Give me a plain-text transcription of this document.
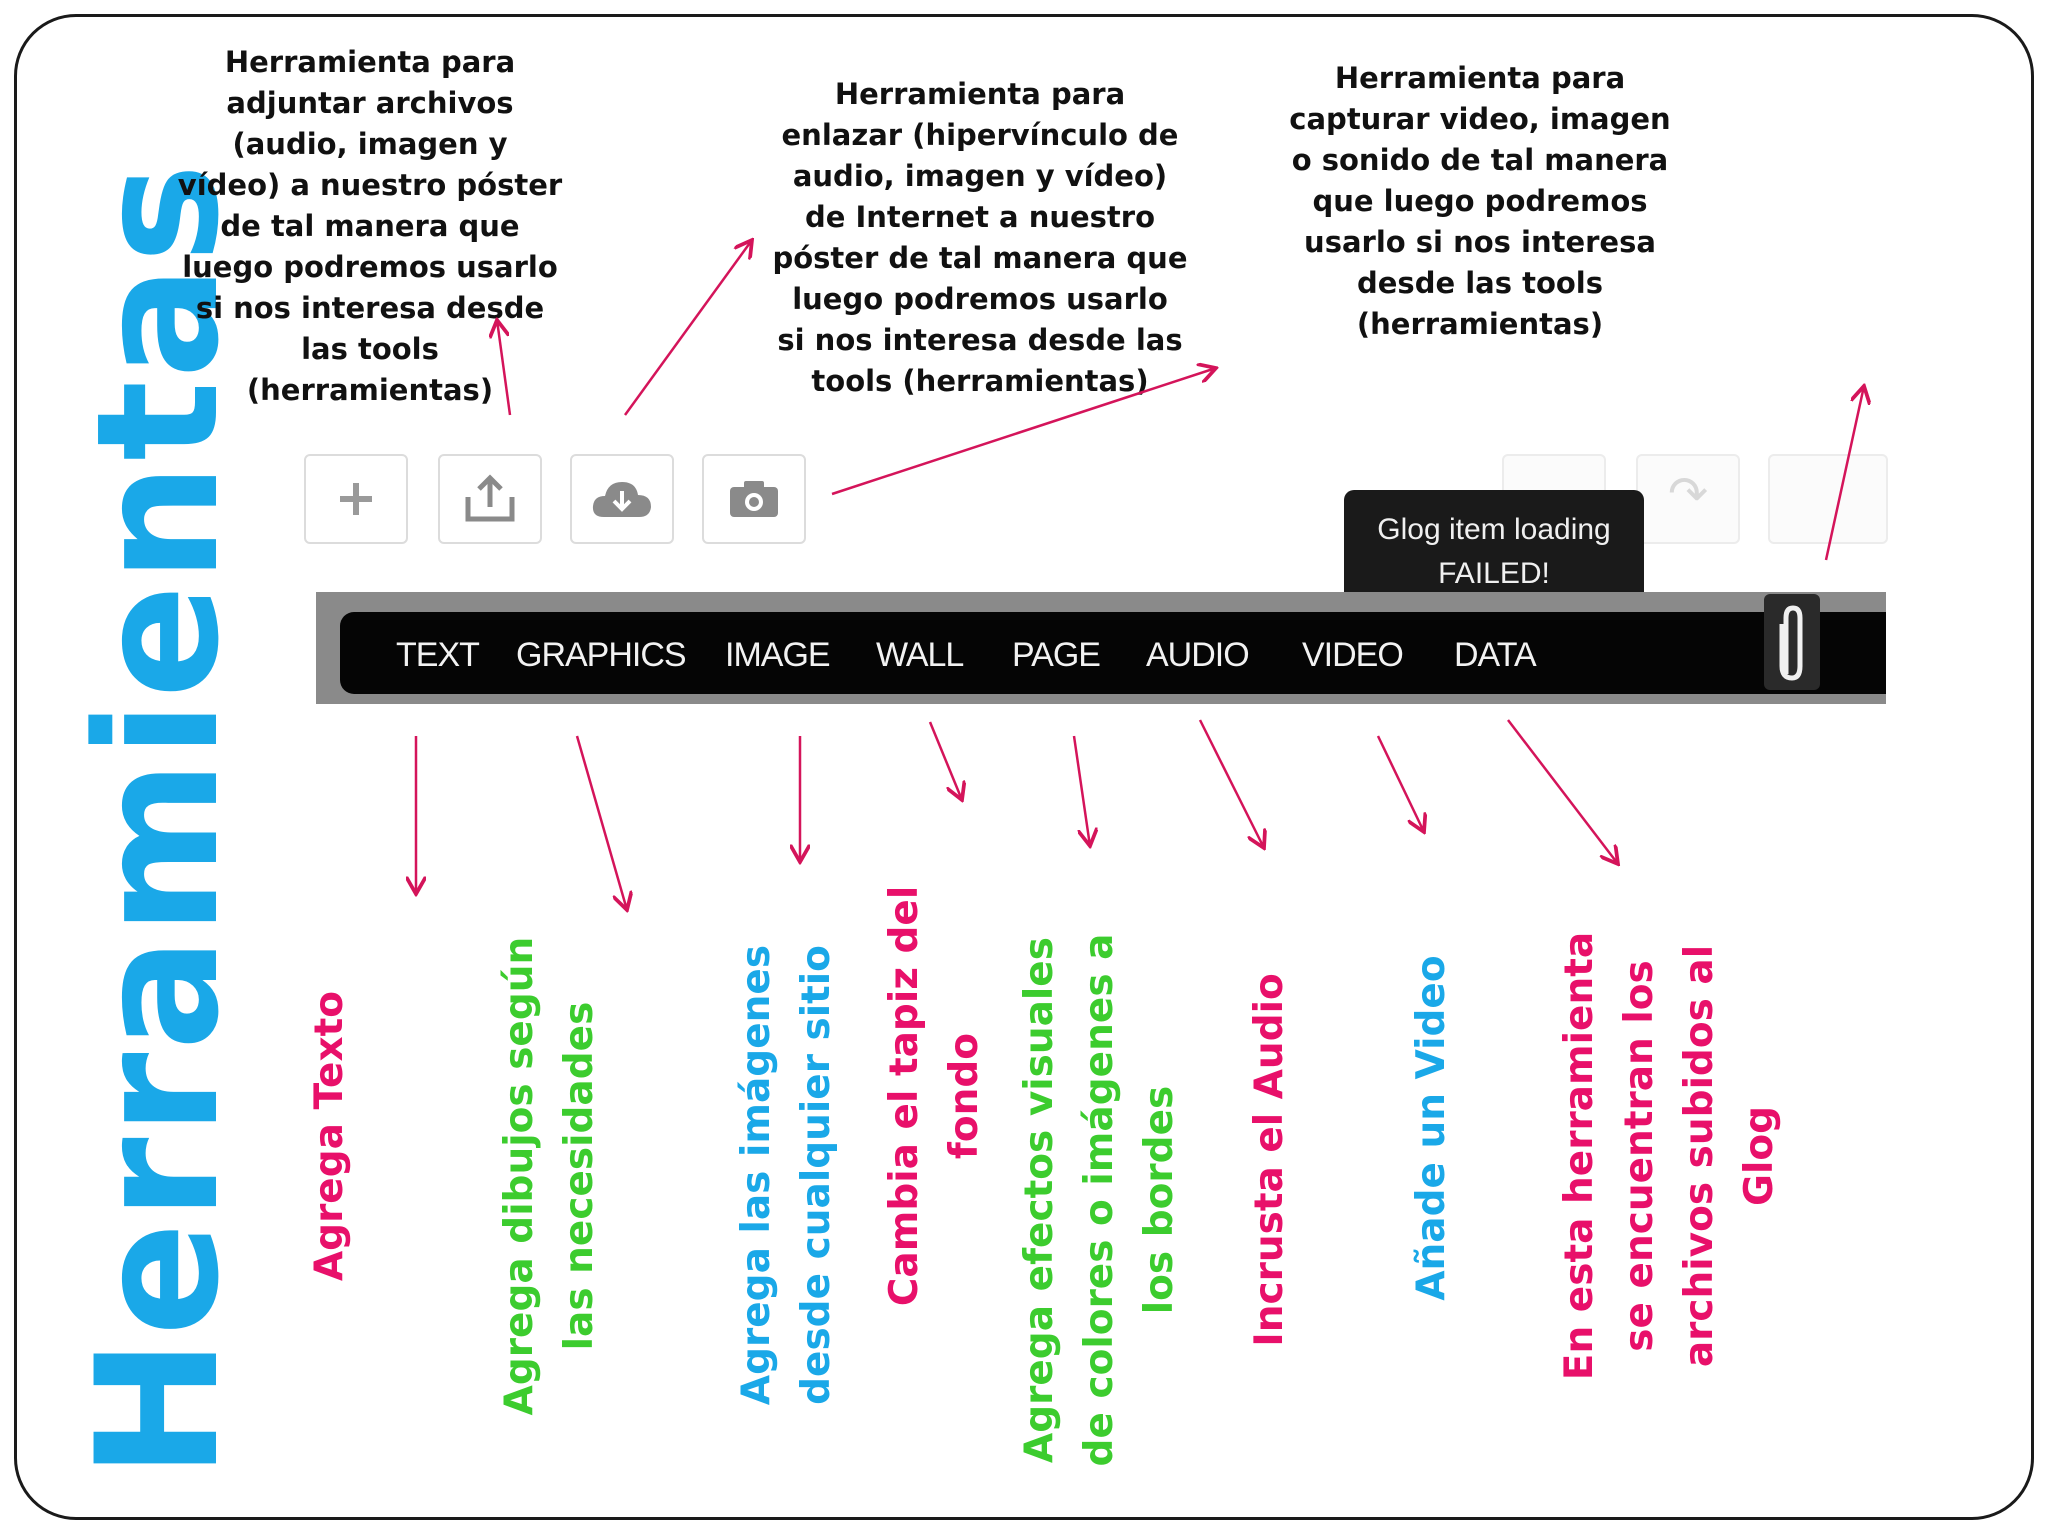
Herramientas
Herramienta para
adjuntar archivos
(audio, imagen y
vídeo) a nuestro póster
de tal manera que
luego podremos usarlo
si nos interesa desde
las tools
(herramientas)
Herramienta para
enlazar (hipervínculo de
audio, imagen y vídeo)
de Internet a nuestro
póster de tal manera que
luego podremos usarlo
si nos interesa desde las
tools (herramientas)
Herramienta para
capturar video, imagen
o sonido de tal manera
que luego podremos
usarlo si nos interesa
desde las tools
(herramientas)
↷
Glog item loading
FAILED!
TEXT GRAPHICS IMAGE WALL PAGE AUDIO VIDEO DATA
Agrega Texto	Agrega dibujos según las necesidades	Agrega las imágenes desde cualquier sitio Cambia el tapiz del fondo Agrega efectos visuales de colores o imágenes a los bordes Incrusta el Audio	Añade un Video	En esta herramienta se encuentran los archivos subidos al Glog
